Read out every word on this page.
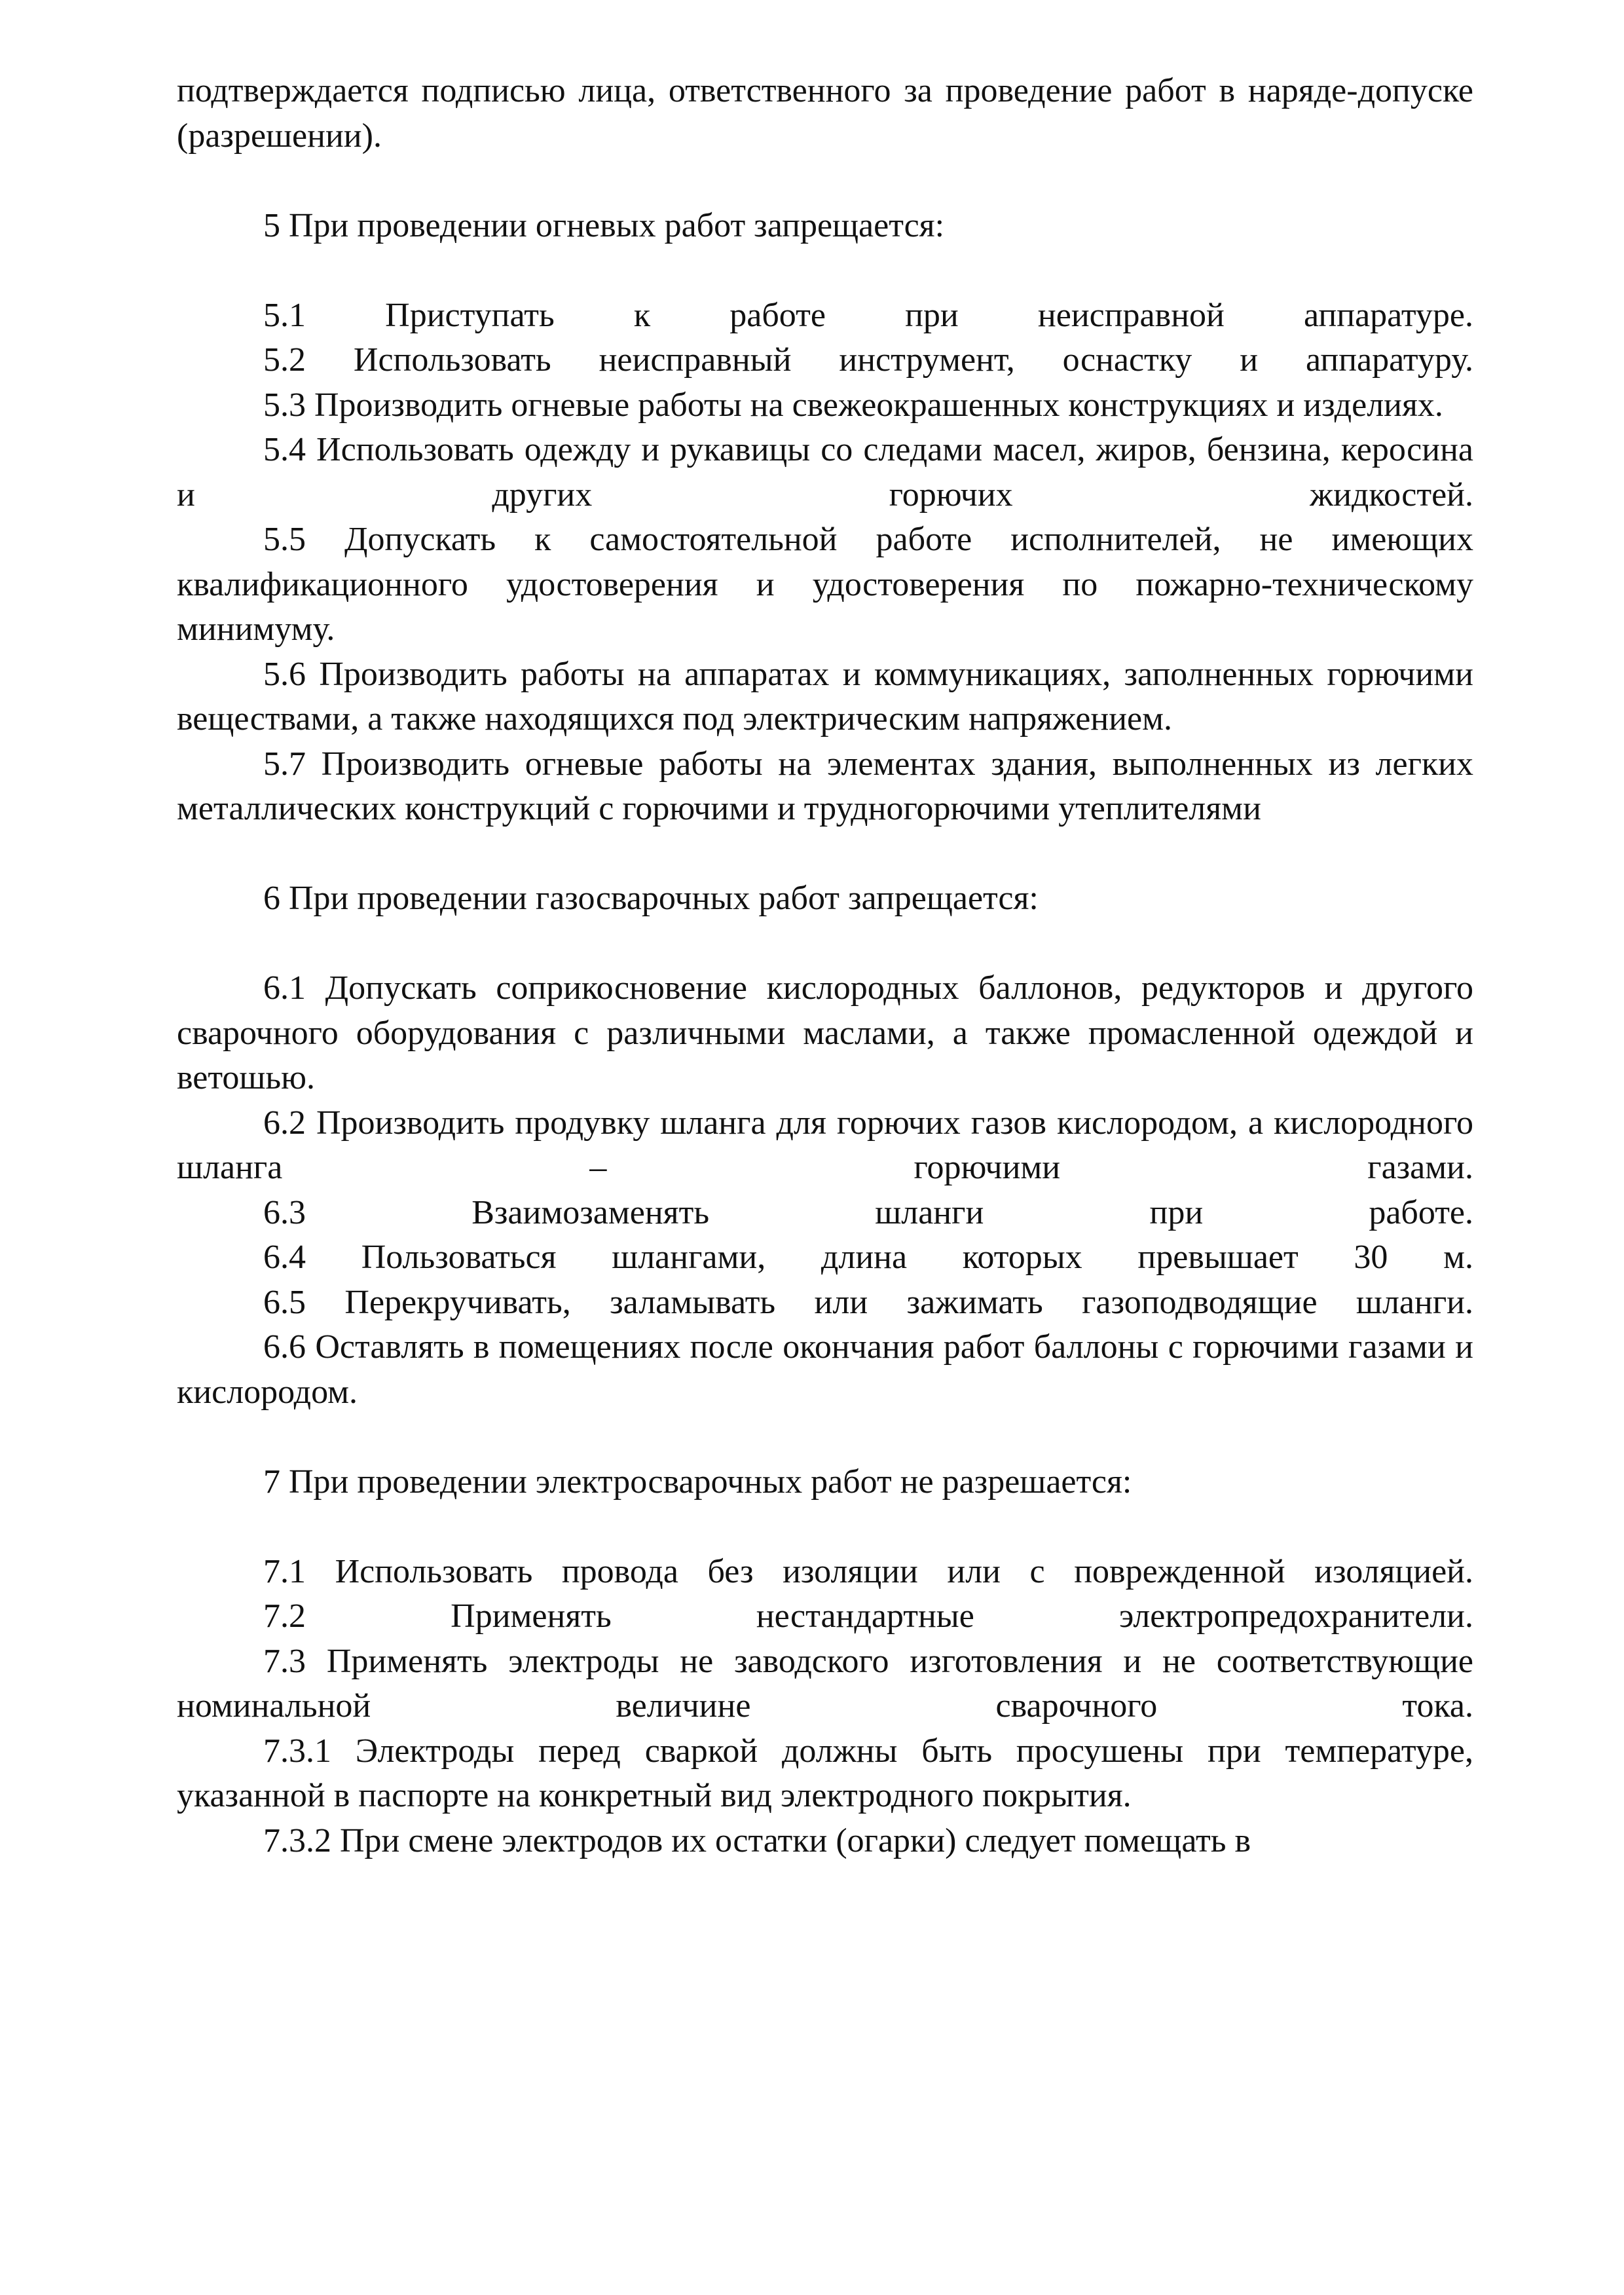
подтверждается подписью лица, ответственного за проведение работ в наряде-допуске (разрешении).

5 При проведении огневых работ запрещается:

5.1 Приступать к работе при неисправной аппаратуре.

5.2 Использовать неисправный инструмент, оснастку и аппаратуру.

5.3 Производить огневые работы на свежеокрашенных конструкциях и изделиях.

5.4 Использовать одежду и рукавицы со следами масел, жиров, бензина, керосина и других горючих жидкостей.

5.5 Допускать к самостоятельной работе исполнителей, не имеющих квалификационного удостоверения и удостоверения по пожарно-техническому минимуму.

5.6 Производить работы на аппаратах и коммуникациях, заполненных горючими веществами, а также находящихся под электрическим напряжением.

5.7 Производить огневые работы на элементах здания, выполненных из легких металлических конструкций с горючими и трудногорючими утеплителями

6 При проведении газосварочных работ запрещается:

6.1 Допускать соприкосновение кислородных баллонов, редукторов и другого сварочного оборудования с различными маслами, а также промасленной одеждой и ветошью.

6.2 Производить продувку шланга для горючих газов кислородом, а кислородного шланга – горючими газами.

6.3 Взаимозаменять шланги при работе.

6.4 Пользоваться шлангами, длина которых превышает 30 м.

6.5 Перекручивать, заламывать или зажимать газоподводящие шланги.

6.6 Оставлять в помещениях после окончания работ баллоны с горючими газами и кислородом.

7 При проведении электросварочных работ не разрешается:

7.1 Использовать провода без изоляции или с поврежденной изоляцией.

7.2 Применять нестандартные электропредохранители.

7.3 Применять электроды не заводского изготовления и не соответствующие номинальной величине сварочного тока.

7.3.1 Электроды перед сваркой должны быть просушены при температуре, указанной в паспорте на конкретный вид электродного покрытия.

7.3.2 При смене электродов их остатки (огарки) следует помещать в
